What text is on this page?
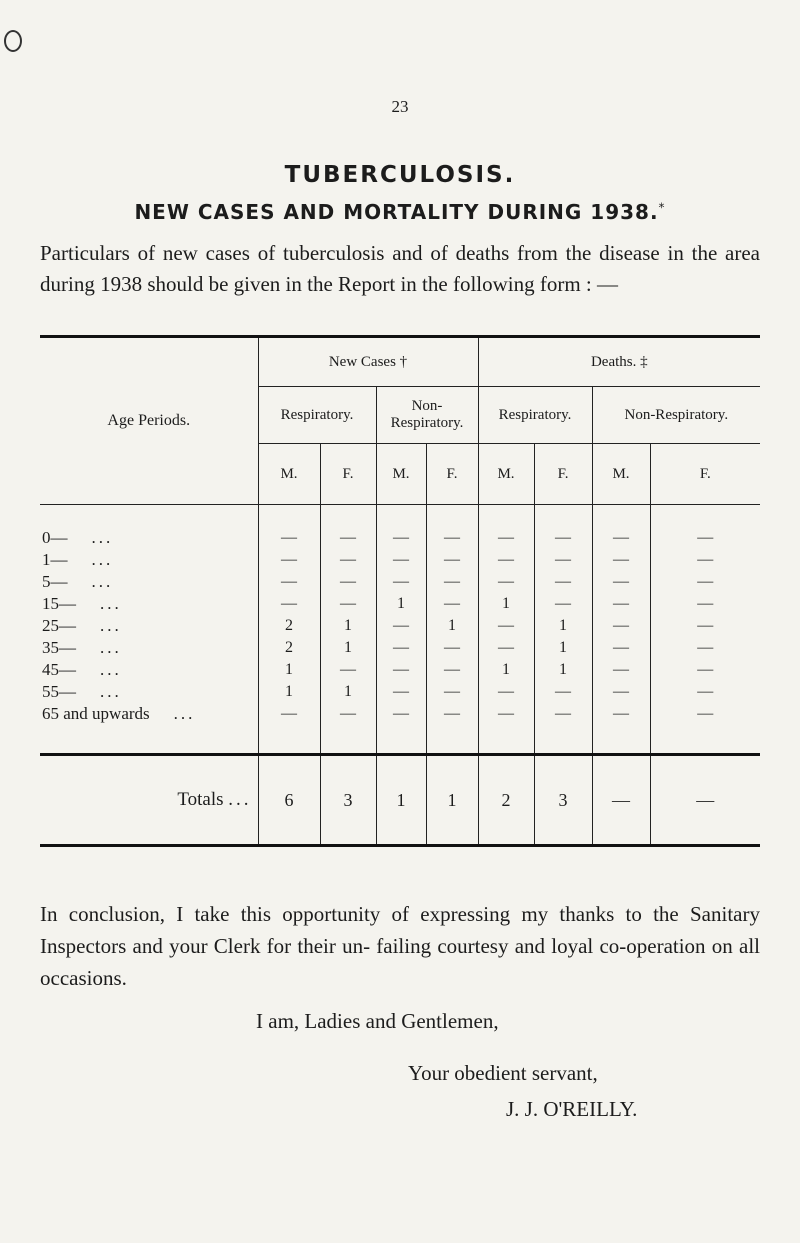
23
TUBERCULOSIS.
NEW CASES AND MORTALITY DURING 1938.*
Particulars of new cases of tuberculosis and of deaths from the disease in the area during 1938 should be given in the Report in the following form : —
Age Periods.	New Cases †				Deaths. ‡			
	Respiratory.		Non-Respiratory.		Respiratory.		Non-Respiratory.	
	M.	F.	M.	F.	M.	F.	M.	F.
0— ...	—	—	—	—	—	—	—	—
1— ...	—	—	—	—	—	—	—	—
5— ...	—	—	—	—	—	—	—	—
15— ...	—	—	1	—	1	—	—	—
25— ...	2	1	—	1	—	1	—	—
35— ...	2	1	—	—	—	1	—	—
45— ...	1	—	—	—	1	1	—	—
55— ...	1	1	—	—	—	—	—	—
65 and upwards ...	—	—	—	—	—	—	—	—
Totals ...	6	3	1	1	2	3	—	—
In conclusion, I take this opportunity of expressing my thanks to the Sanitary Inspectors and your Clerk for their un- failing courtesy and loyal co-operation on all occasions.
I am, Ladies and Gentlemen,
Your obedient servant,
J. J. O'REILLY.
